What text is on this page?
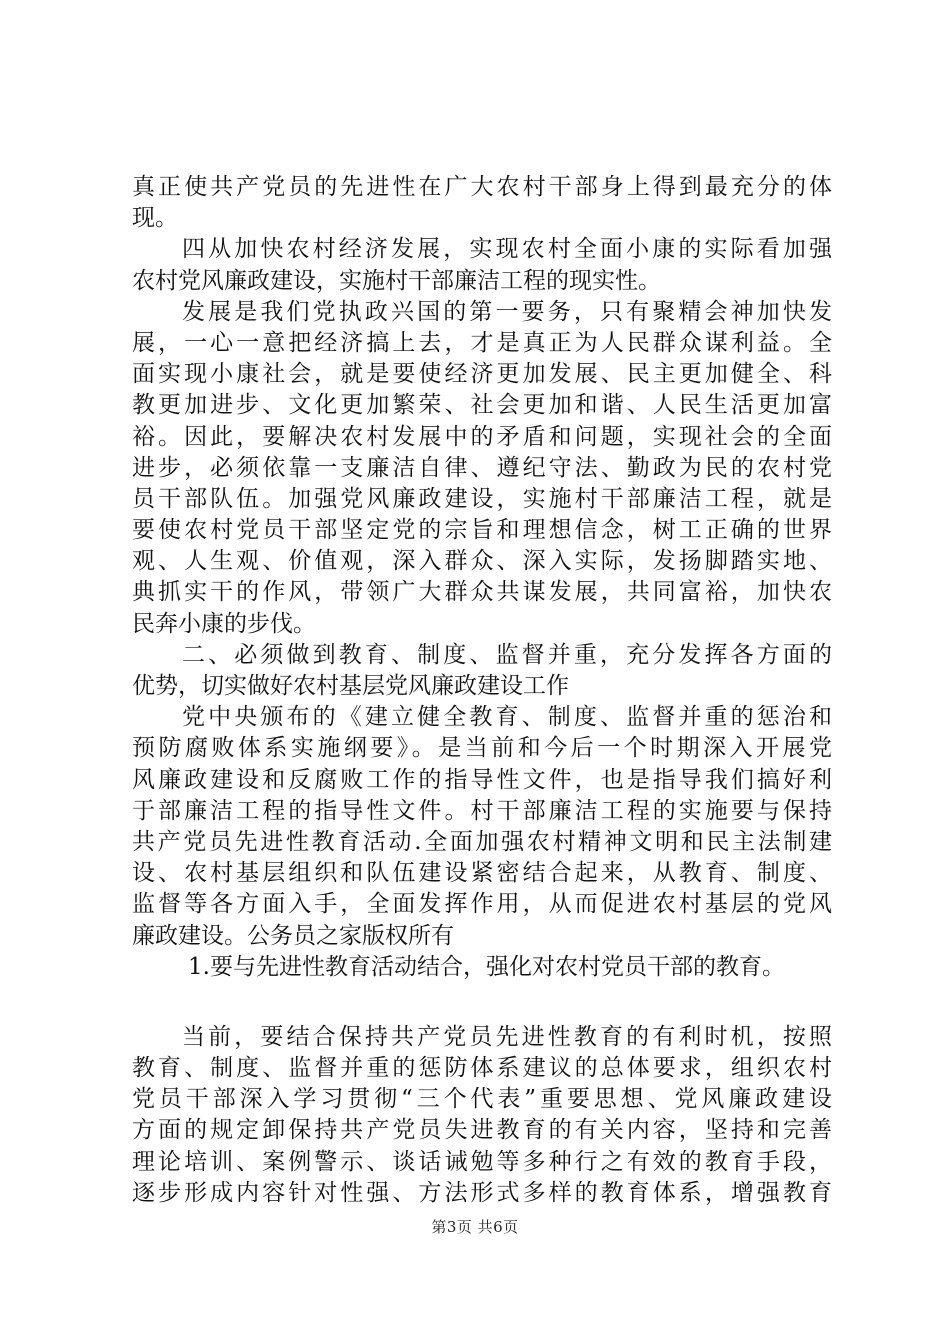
真正使共产党员的先进性在广大农村干部身上得到最充分的体
现。
四从加快农村经济发展，实现农村全面小康的实际看加强
农村党风廉政建设，实施村干部廉洁工程的现实性。
发展是我们党执政兴国的第一要务，只有聚精会神加快发
展，一心一意把经济搞上去，才是真正为人民群众谋利益。全
面实现小康社会，就是要使经济更加发展、民主更加健全、科
教更加进步、文化更加繁荣、社会更加和谐、人民生活更加富
裕。因此，要解决农村发展中的矛盾和问题，实现社会的全面
进步，必须依靠一支廉洁自律、遵纪守法、勤政为民的农村党
员干部队伍。加强党风廉政建设，实施村干部廉洁工程，就是
要使农村党员干部坚定党的宗旨和理想信念，树工正确的世界
观、人生观、价值观，深入群众、深入实际，发扬脚踏实地、
典抓实干的作风，带领广大群众共谋发展，共同富裕，加快农
民奔小康的步伐。
二、必须做到教育、制度、监督并重，充分发挥各方面的
优势，切实做好农村基层党风廉政建设工作
党中央颁布的《建立健全教育、制度、监督并重的惩治和
预防腐败体系实施纲要》。是当前和今后一个时期深入开展党
风廉政建设和反腐败工作的指导性文件，也是指导我们搞好利
于部廉洁工程的指导性文件。村干部廉洁工程的实施要与保持
共产党员先进性教育活动.全面加强农村精神文明和民主法制建
设、农村基层组织和队伍建设紧密结合起来，从教育、制度、
监督等各方面入手，全面发挥作用，从而促进农村基层的党风
廉政建设。公务员之家版权所有
1.要与先进性教育活动结合，强化对农村党员干部的教育。
当前，要结合保持共产党员先进性教育的有利时机，按照
教育、制度、监督并重的惩防体系建议的总体要求，组织农村
党员干部深入学习贯彻“三个代表”重要思想、党风廉政建设
方面的规定卸保持共产党员失进教育的有关内容，坚持和完善
理论培训、案例警示、谈话诫勉等多种行之有效的教育手段，
逐步形成内容针对性强、方法形式多样的教育体系，增强教育
第3页 共6页
